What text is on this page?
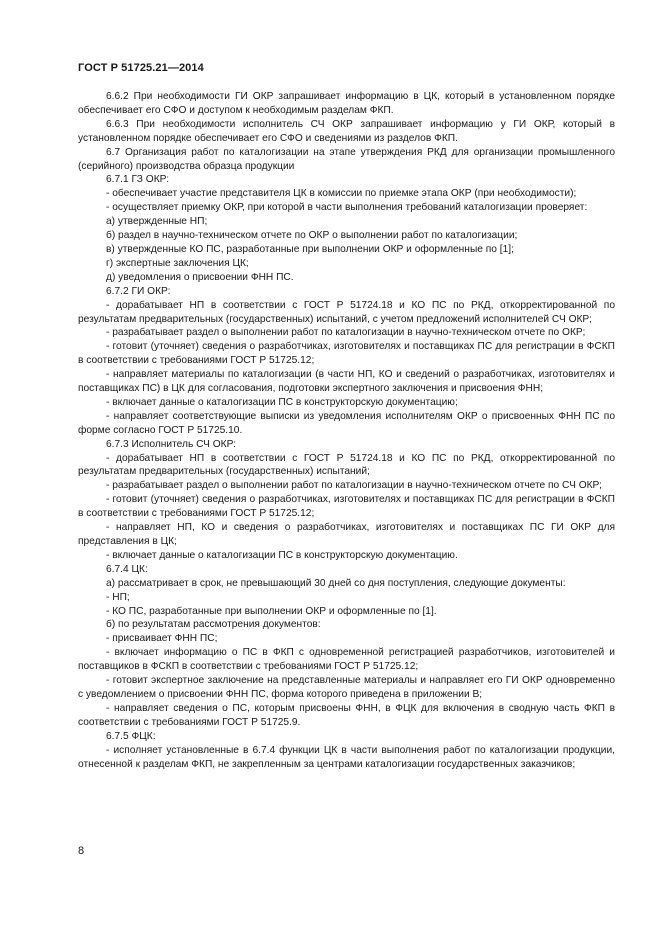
ГОСТ Р 51725.21—2014

6.6.2 При необходимости ГИ ОКР запрашивает информацию в ЦК, который в установленном порядке обеспечивает его СФО и доступом к необходимым разделам ФКП.

6.6.3 При необходимости исполнитель СЧ ОКР запрашивает информацию у ГИ ОКР, который в установленном порядке обеспечивает его СФО и сведениями из разделов ФКП.

6.7 Организация работ по каталогизации на этапе утверждения РКД для организации промышленного (серийного) производства образца продукции

6.7.1 ГЗ ОКР:

- обеспечивает участие представителя ЦК в комиссии по приемке этапа ОКР (при необходимости);

- осуществляет приемку ОКР, при которой в части выполнения требований каталогизации проверяет:

а) утвержденные НП;

б) раздел в научно-техническом отчете по ОКР о выполнении работ по каталогизации;

в) утвержденные КО ПС, разработанные при выполнении ОКР и оформленные по [1];

г) экспертные заключения ЦК;

д) уведомления о присвоении ФНН ПС.

6.7.2 ГИ ОКР:

- дорабатывает НП в соответствии с ГОСТ Р 51724.18 и КО ПС по РКД, откорректированной по результатам предварительных (государственных) испытаний, с учетом предложений исполнителей СЧ ОКР;

- разрабатывает раздел о выполнении работ по каталогизации в научно-техническом отчете по ОКР;

- готовит (уточняет) сведения о разработчиках, изготовителях и поставщиках ПС для регистрации в ФСКП в соответствии с требованиями ГОСТ Р 51725.12;

- направляет материалы по каталогизации (в части НП, КО и сведений о разработчиках, изготовителях и поставщиках ПС) в ЦК для согласования, подготовки экспертного заключения и присвоения ФНН;

- включает данные о каталогизации ПС в конструкторскую документацию;

- направляет соответствующие выписки из уведомления исполнителям ОКР о присвоенных ФНН ПС по форме согласно ГОСТ Р 51725.10.

6.7.3 Исполнитель СЧ ОКР:

- дорабатывает НП в соответствии с ГОСТ Р 51724.18 и КО ПС по РКД, откорректированной по результатам предварительных (государственных) испытаний;

- разрабатывает раздел о выполнении работ по каталогизации в научно-техническом отчете по СЧ ОКР;

- готовит (уточняет) сведения о разработчиках, изготовителях и поставщиках ПС для регистрации в ФСКП в соответствии с требованиями ГОСТ Р 51725.12;

- направляет НП, КО и сведения о разработчиках, изготовителях и поставщиках ПС ГИ ОКР для представления в ЦК;

- включает данные о каталогизации ПС в конструкторскую документацию.

6.7.4 ЦК:

а) рассматривает в срок, не превышающий 30 дней со дня поступления, следующие документы:

- НП;

- КО ПС, разработанные при выполнении ОКР и оформленные по [1].

б) по результатам рассмотрения документов:

- присваивает ФНН ПС;

- включает информацию о ПС в ФКП с одновременной регистрацией разработчиков, изготовителей и поставщиков в ФСКП в соответствии с требованиями ГОСТ Р 51725.12;

- готовит экспертное заключение на представленные материалы и направляет его ГИ ОКР одновременно с уведомлением о присвоении ФНН ПС, форма которого приведена в приложении В;

- направляет сведения о ПС, которым присвоены ФНН, в ФЦК для включения в сводную часть ФКП в соответствии с требованиями ГОСТ Р 51725.9.

6.7.5 ФЦК:

- исполняет установленные в 6.7.4 функции ЦК в части выполнения работ по каталогизации продукции, отнесенной к разделам ФКП, не закрепленным за центрами каталогизации государственных заказчиков;

8
